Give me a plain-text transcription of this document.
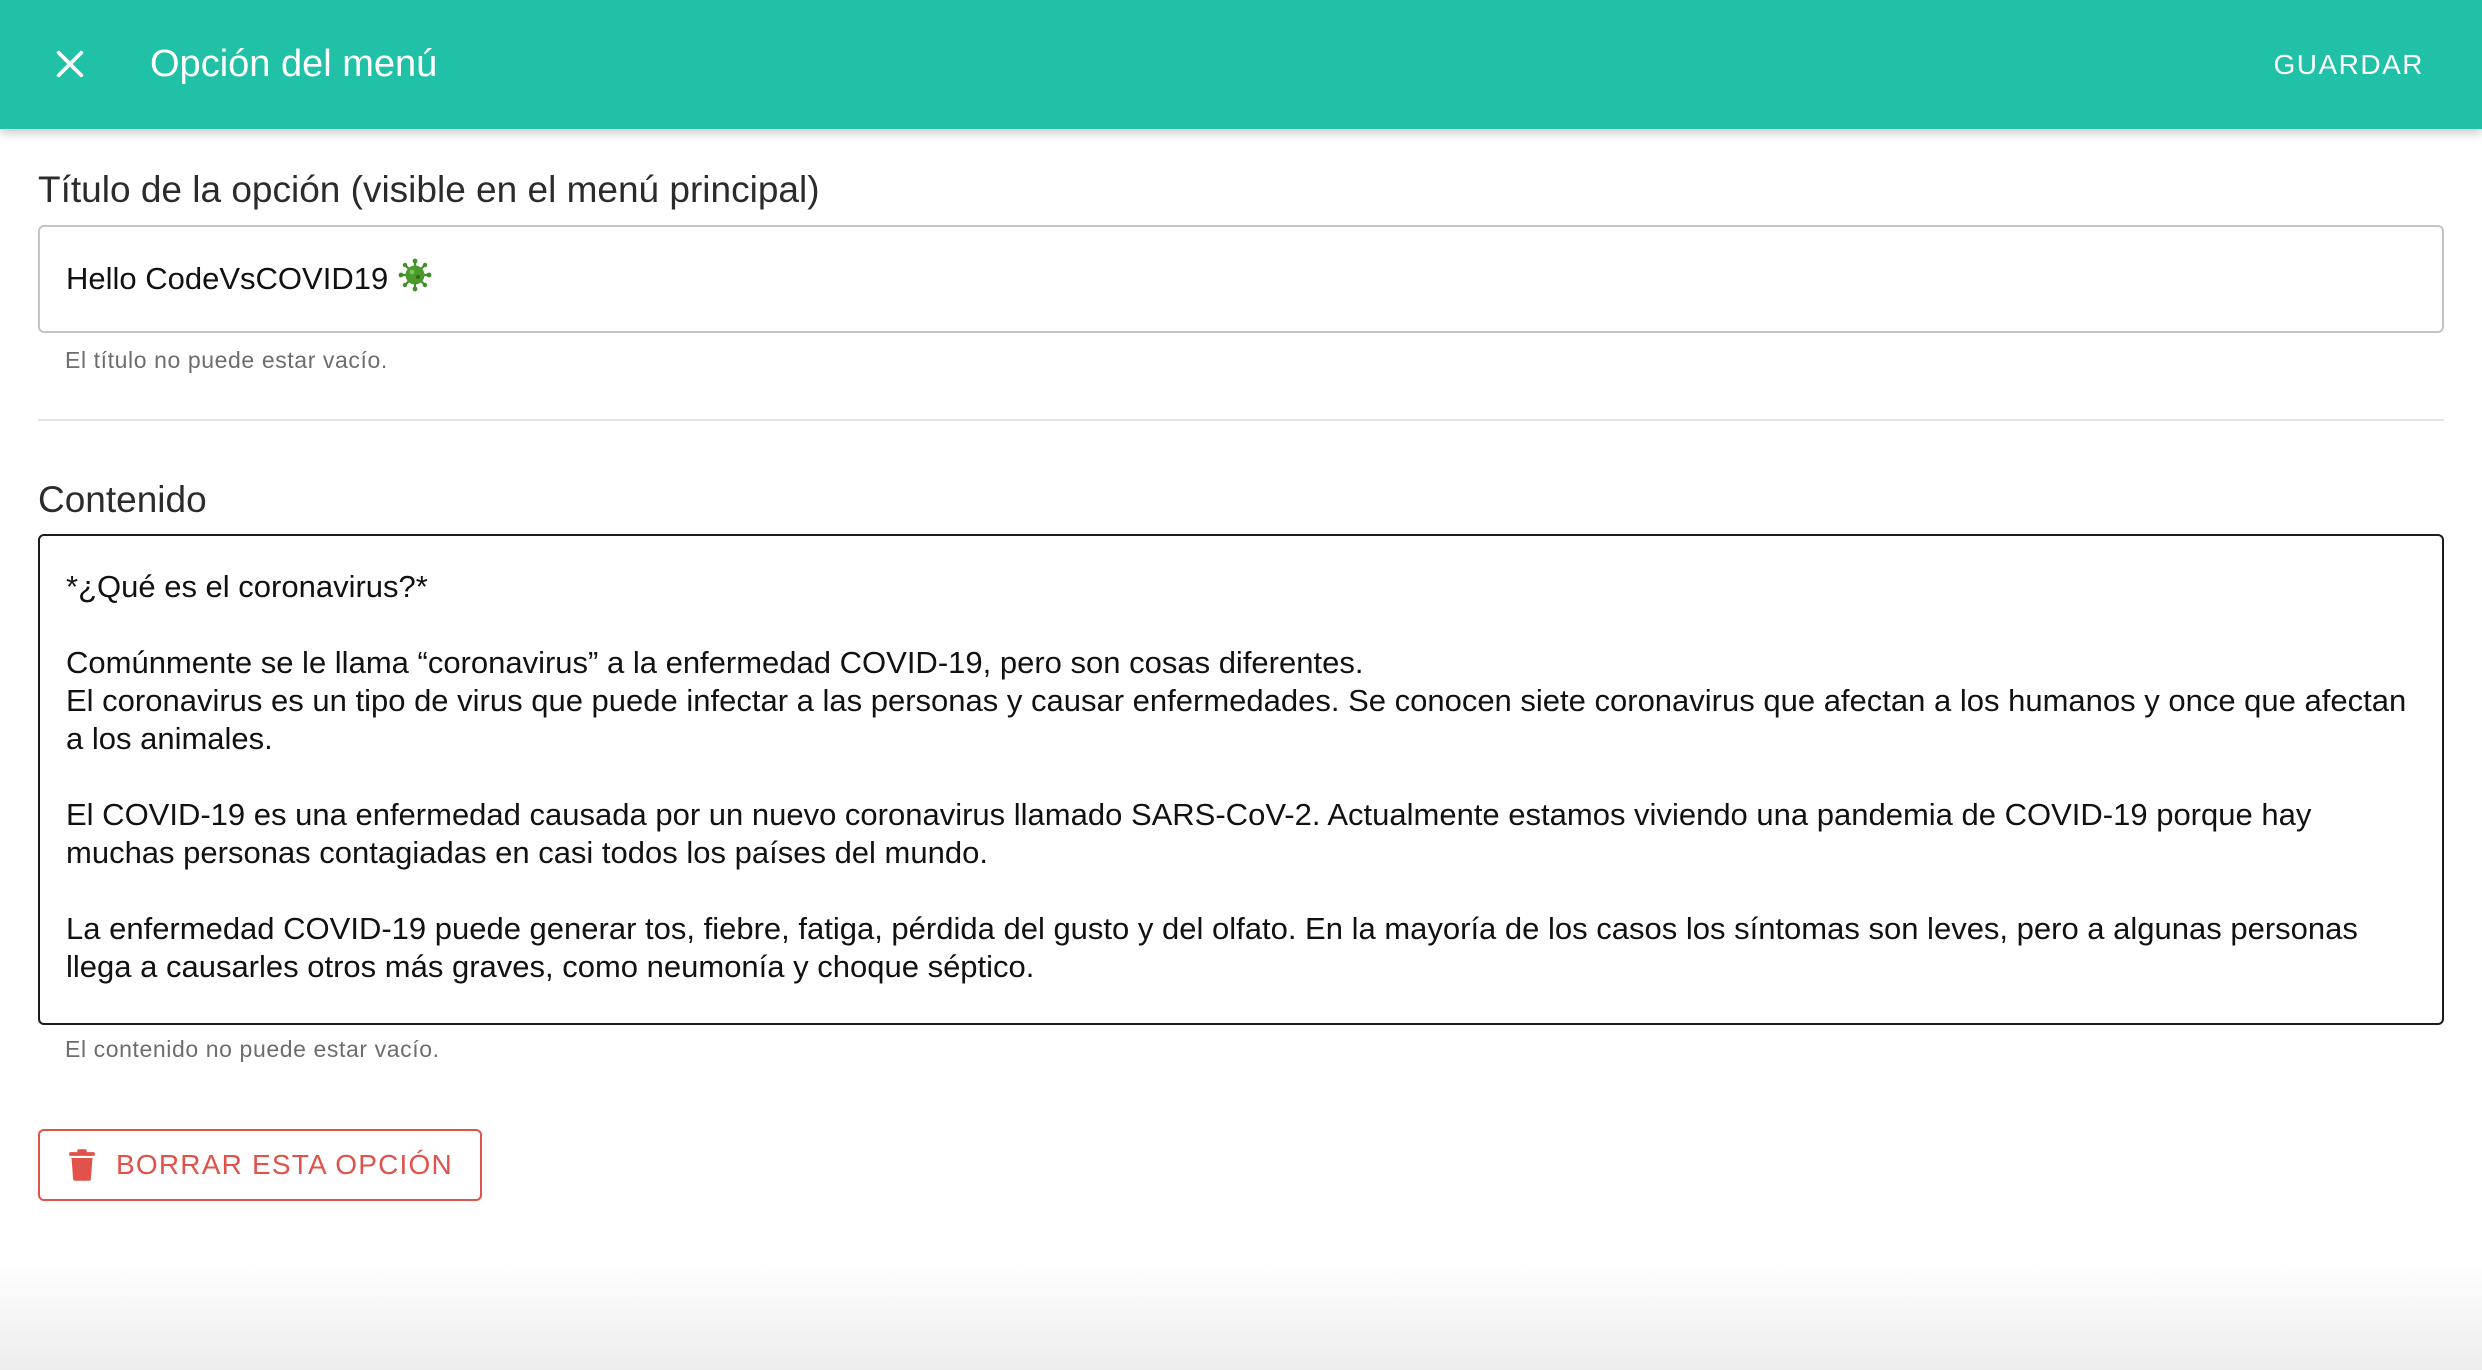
Opción del menú	GUARDAR
Título de la opción (visible en el menú principal)
Hello CodeVsCOVID19
El título no puede estar vacío.
Contenido

*¿Qué es el coronavirus?*

Comúnmente se le llama “coronavirus” a la enfermedad COVID-19, pero son cosas diferentes.

El coronavirus es un tipo de virus que puede infectar a las personas y causar enfermedades. Se conocen siete coronavirus que afectan a los humanos y once que afectan a los animales.

El COVID-19 es una enfermedad causada por un nuevo coronavirus llamado SARS-CoV-2. Actualmente estamos viviendo una pandemia de COVID-19 porque hay muchas personas contagiadas en casi todos los países del mundo.

La enfermedad COVID-19 puede generar tos, fiebre, fatiga, pérdida del gusto y del olfato. En la mayoría de los casos los síntomas son leves, pero a algunas personas llega a causarles otros más graves, como neumonía y choque séptico.

El contenido no puede estar vacío.
BORRAR ESTA OPCIÓN
